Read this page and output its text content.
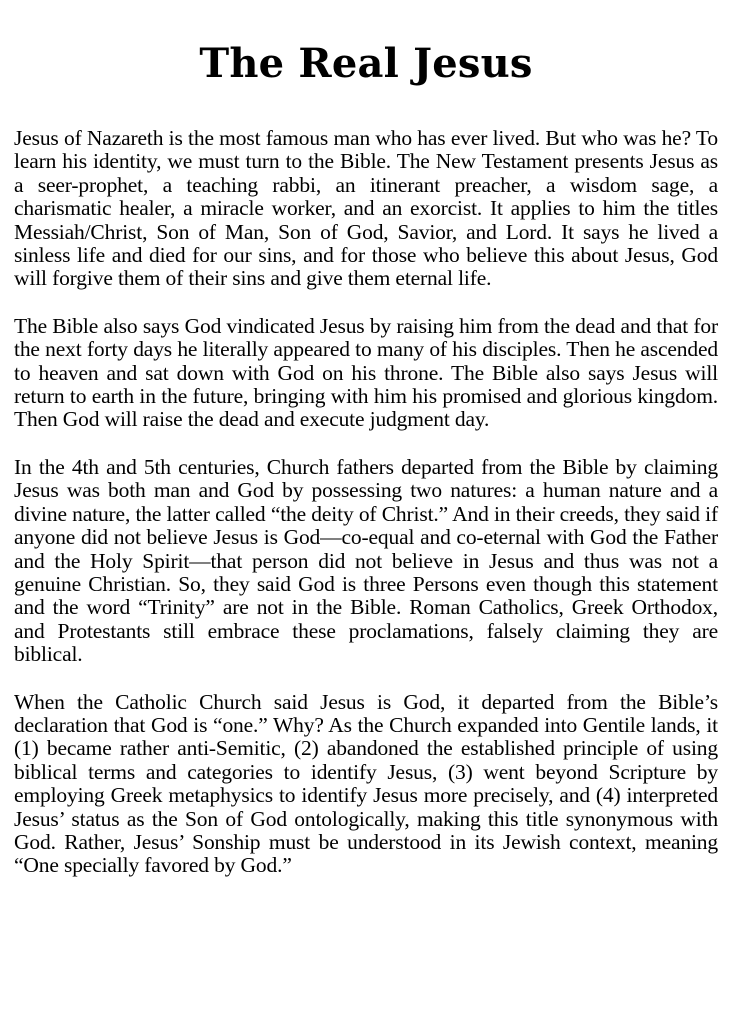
The Real Jesus

Jesus of Nazareth is the most famous man who has ever lived. But who was he? To learn his identity, we must turn to the Bible. The New Testament presents Jesus as a seer-prophet, a teaching rabbi, an itinerant preacher, a wisdom sage, a charismatic healer, a miracle worker, and an exorcist. It applies to him the titles Messiah/Christ, Son of Man, Son of God, Savior, and Lord. It says he lived a sinless life and died for our sins, and for those who believe this about Jesus, God will forgive them of their sins and give them eternal life.

The Bible also says God vindicated Jesus by raising him from the dead and that for the next forty days he literally appeared to many of his disciples. Then he ascended to heaven and sat down with God on his throne. The Bible also says Jesus will return to earth in the future, bringing with him his promised and glorious kingdom. Then God will raise the dead and execute judgment day.

In the 4th and 5th centuries, Church fathers departed from the Bible by claiming Jesus was both man and God by possessing two natures: a human nature and a divine nature, the latter called “the deity of Christ.” And in their creeds, they said if anyone did not believe Jesus is God—co-equal and co-eternal with God the Father and the Holy Spirit—that person did not believe in Jesus and thus was not a genuine Christian. So, they said God is three Persons even though this statement and the word “Trinity” are not in the Bible. Roman Catholics, Greek Orthodox, and Protestants still embrace these proclamations, falsely claiming they are biblical.

When the Catholic Church said Jesus is God, it departed from the Bible’s declaration that God is “one.” Why? As the Church expanded into Gentile lands, it (1) became rather anti-Semitic, (2) abandoned the established principle of using biblical terms and categories to identify Jesus, (3) went beyond Scripture by employing Greek metaphysics to identify Jesus more precisely, and (4) interpreted Jesus’ status as the Son of God ontologically, making this title synonymous with God. Rather, Jesus’ Sonship must be understood in its Jewish context, meaning “One specially favored by God.”
